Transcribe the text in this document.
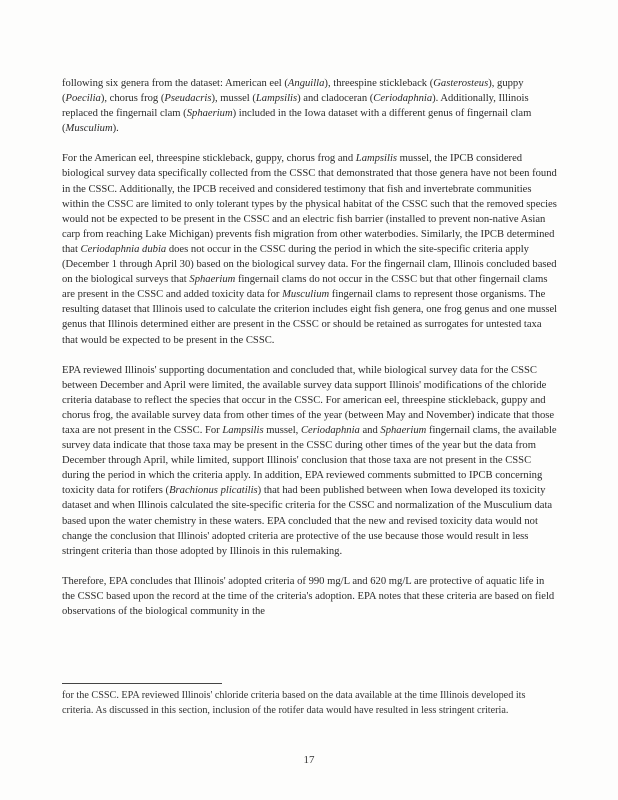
following six genera from the dataset: American eel (Anguilla), threespine stickleback (Gasterosteus), guppy (Poecilia), chorus frog (Pseudacris), mussel (Lampsilis) and cladoceran (Ceriodaphnia). Additionally, Illinois replaced the fingernail clam (Sphaerium) included in the Iowa dataset with a different genus of fingernail clam (Musculium).

For the American eel, threespine stickleback, guppy, chorus frog and Lampsilis mussel, the IPCB considered biological survey data specifically collected from the CSSC that demonstrated that those genera have not been found in the CSSC. Additionally, the IPCB received and considered testimony that fish and invertebrate communities within the CSSC are limited to only tolerant types by the physical habitat of the CSSC such that the removed species would not be expected to be present in the CSSC and an electric fish barrier (installed to prevent non-native Asian carp from reaching Lake Michigan) prevents fish migration from other waterbodies. Similarly, the IPCB determined that Ceriodaphnia dubia does not occur in the CSSC during the period in which the site-specific criteria apply (December 1 through April 30) based on the biological survey data. For the fingernail clam, Illinois concluded based on the biological surveys that Sphaerium fingernail clams do not occur in the CSSC but that other fingernail clams are present in the CSSC and added toxicity data for Musculium fingernail clams to represent those organisms. The resulting dataset that Illinois used to calculate the criterion includes eight fish genera, one frog genus and one mussel genus that Illinois determined either are present in the CSSC or should be retained as surrogates for untested taxa that would be expected to be present in the CSSC.

EPA reviewed Illinois' supporting documentation and concluded that, while biological survey data for the CSSC between December and April were limited, the available survey data support Illinois' modifications of the chloride criteria database to reflect the species that occur in the CSSC. For american eel, threespine stickleback, guppy and chorus frog, the available survey data from other times of the year (between May and November) indicate that those taxa are not present in the CSSC. For Lampsilis mussel, Ceriodaphnia and Sphaerium fingernail clams, the available survey data indicate that those taxa may be present in the CSSC during other times of the year but the data from December through April, while limited, support Illinois' conclusion that those taxa are not present in the CSSC during the period in which the criteria apply. In addition, EPA reviewed comments submitted to IPCB concerning toxicity data for rotifers (Brachionus plicatilis) that had been published between when Iowa developed its toxicity dataset and when Illinois calculated the site-specific criteria for the CSSC and normalization of the Musculium data based upon the water chemistry in these waters. EPA concluded that the new and revised toxicity data would not change the conclusion that Illinois' adopted criteria are protective of the use because those would result in less stringent criteria than those adopted by Illinois in this rulemaking.

Therefore, EPA concludes that Illinois' adopted criteria of 990 mg/L and 620 mg/L are protective of aquatic life in the CSSC based upon the record at the time of the criteria's adoption. EPA notes that these criteria are based on field observations of the biological community in the

for the CSSC. EPA reviewed Illinois' chloride criteria based on the data available at the time Illinois developed its criteria. As discussed in this section, inclusion of the rotifer data would have resulted in less stringent criteria.

17
